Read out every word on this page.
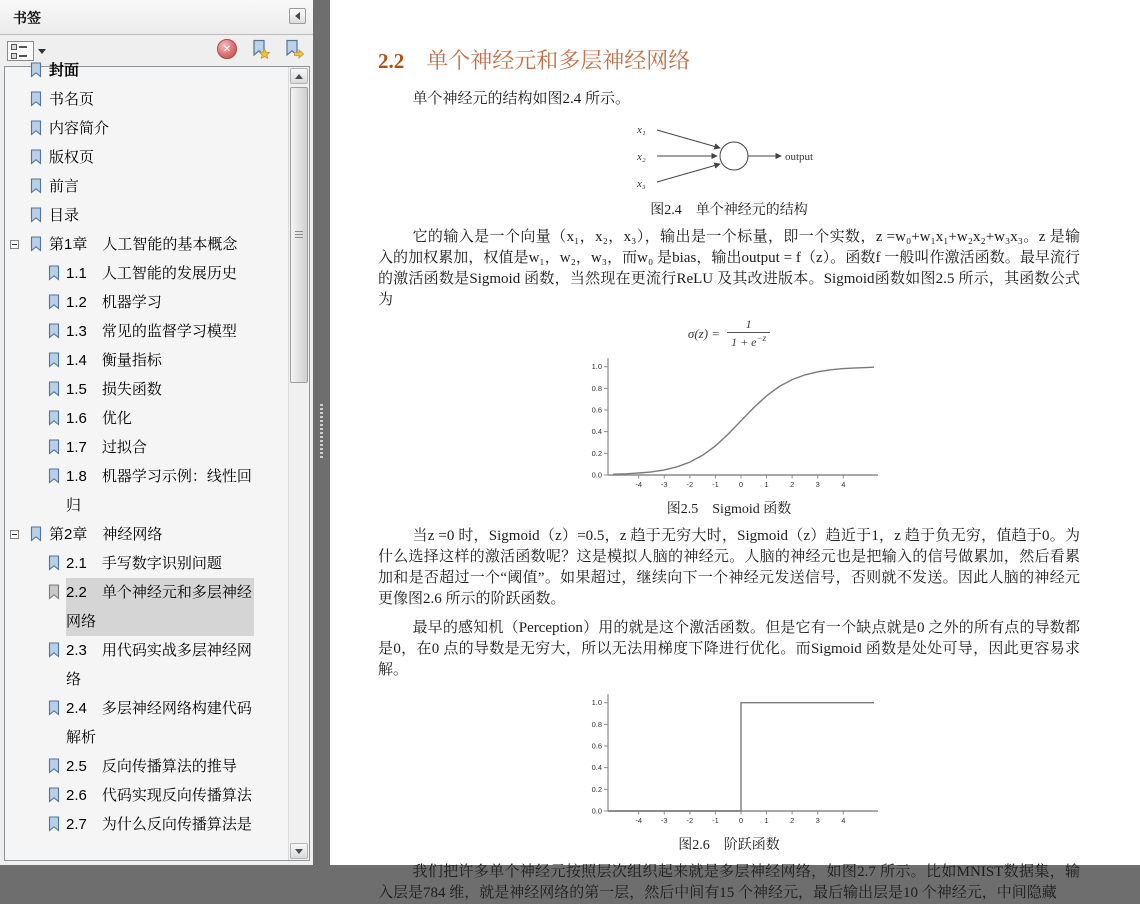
书签
✕
封面
书名页
内容简介
版权页
前言
目录
第1章　人工智能的基本概念
1.1　人工智能的发展历史
1.2　机器学习
1.3　常见的监督学习模型
1.4　衡量指标
1.5　损失函数
1.6　优化
1.7　过拟合
1.8　机器学习示例：线性回归
第2章　神经网络
2.1　手写数字识别问题
2.2　单个神经元和多层神经网络
2.3　用代码实战多层神经网络
2.4　多层神经网络构建代码解析
2.5　反向传播算法的推导
2.6　代码实现反向传播算法
2.7　为什么反向传播算法是
2.2 单个神经元和多层神经网络

单个神经元的结构如图2.4 所示。

x₁
x₂
x₃
output
图2.4　单个神经元的结构

它的输入是一个向量（x₁，x₂，x₃），输出是一个标量，即一个实数，z =w₀+w₁x₁+w₂x₂+w₃x₃。z 是输入的加权累加，权值是w₁，w₂，w₃，而w₀ 是bias，输出output = f（z）。函数f 一般叫作激活函数。最早流行的激活函数是Sigmoid 函数，当然现在更流行ReLU 及其改进版本。Sigmoid函数如图2.5 所示，其函数公式为

$\sigma(z) = \frac{1}{1 + e^{-z}}$
0.0
0.2
0.4
0.6
0.8
1.0
-4	-3	-2	-1	0	1	2	3	4
图2.5　Sigmoid 函数

当z =0 时，Sigmoid（z）=0.5，z 趋于无穷大时，Sigmoid（z）趋近于1，z 趋于负无穷，值趋于0。为什么选择这样的激活函数呢？这是模拟人脑的神经元。人脑的神经元也是把输入的信号做累加，然后看累加和是否超过一个“阈值”。如果超过，继续向下一个神经元发送信号，否则就不发送。因此人脑的神经元更像图2.6 所示的阶跃函数。

最早的感知机（Perception）用的就是这个激活函数。但是它有一个缺点就是0 之外的所有点的导数都是0，在0 点的导数是无穷大，所以无法用梯度下降进行优化。而Sigmoid 函数是处处可导，因此更容易求解。

0.0
0.2
0.4
0.6
0.8
1.0
-4	-3	-2	-1	0	1	2	3	4
图2.6　阶跃函数

我们把许多单个神经元按照层次组织起来就是多层神经网络，如图2.7 所示。比如MNIST数据集，输入层是784 维，就是神经网络的第一层，然后中间有15 个神经元，最后输出层是10 个神经元，中间隐藏
